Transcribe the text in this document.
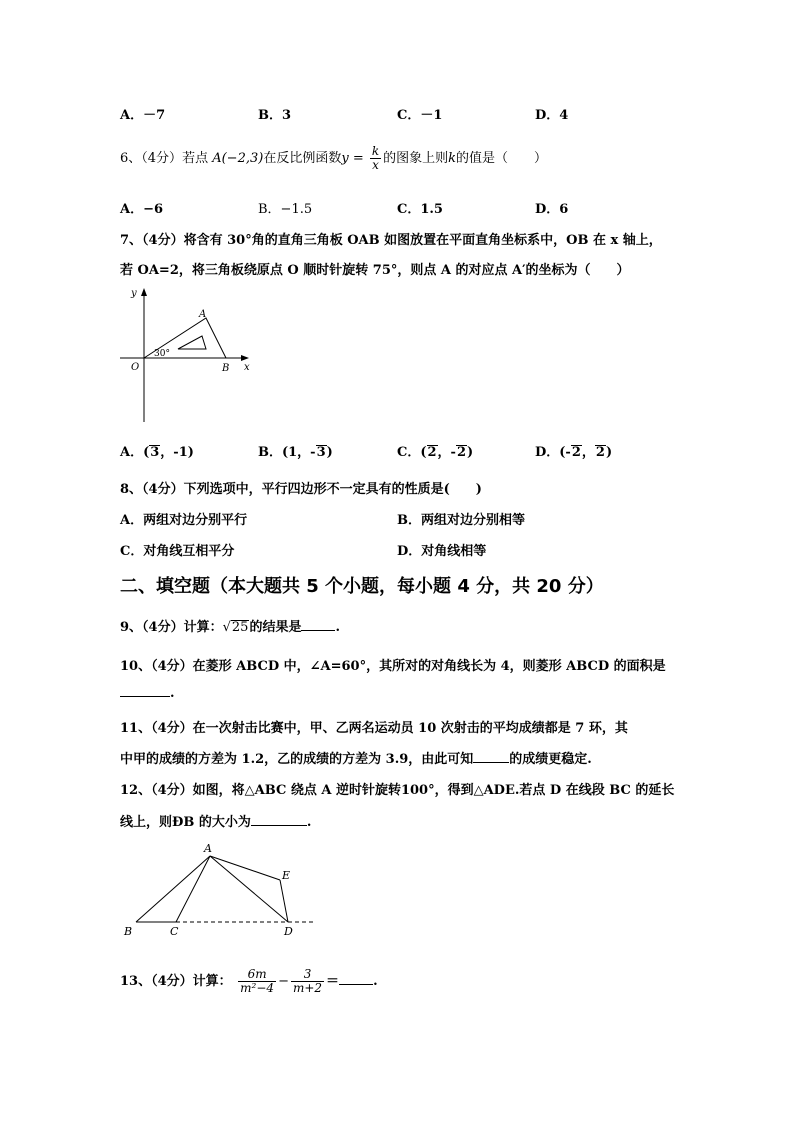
A．－7	B．3	C．－1	D．4
6、（4分）若点 A(−2,3)在反比例函数$y = \frac{k}{x}$ 的图象上则k的值是（　　）
A．−6	B．−1.5	C．1.5	D．6
7、（4分）将含有 30°角的直角三角板 OAB 如图放置在平面直角坐标系中，OB 在 x 轴上，
若 OA=2，将三角板绕原点 O 顺时针旋转 75°，则点 A 的对应点 A′的坐标为（　　）
y
x
O
A
B
30°
A．(3，-1)	B．(1，-3)	C．(2，-2)	D．(-2，2)
8、（4分）下列选项中，平行四边形不一定具有的性质是(　　)
A．两组对边分别平行	B．两组对边分别相等
C．对角线互相平分	D．对角线相等
二、填空题（本大题共 5 个小题，每小题 4 分，共 20 分）
9、（4分）计算：√25的结果是	.
10、（4分）在菱形 ABCD 中，∠A=60°，其所对的对角线长为 4，则菱形 ABCD 的面积是
.
11、（4分）在一次射击比赛中，甲、乙两名运动员 10 次射击的平均成绩都是 7 环，其
中甲的成绩的方差为 1.2，乙的成绩的方差为 3.9，由此可知	的成绩更稳定.
12、（4分）如图，将△ABC 绕点 A 逆时针旋转100°，得到△ADE.若点 D 在线段 BC 的延长
线上，则ÐB 的大小为	.
A
B	C	D
E
13、（4分）计算： $\frac{6m}{\text{m²−4}} - \frac{3}{m+2}$ ＝	.
